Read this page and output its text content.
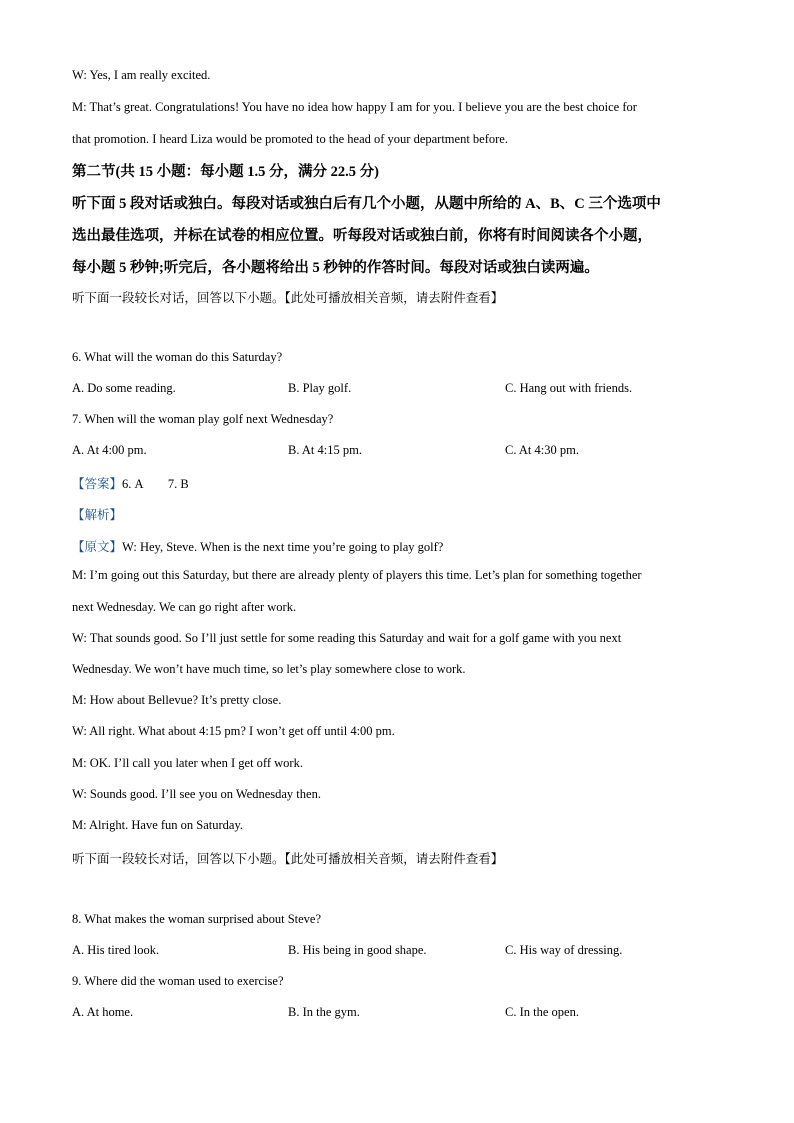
W: Yes, I am really excited.
M: That’s great. Congratulations! You have no idea how happy I am for you. I believe you are the best choice for
that promotion. I heard Liza would be promoted to the head of your department before.
第二节(共 15 小题：每小题 1.5 分，满分 22.5 分)
听下面 5 段对话或独白。每段对话或独白后有几个小题，从题中所给的 A、B、C 三个选项中
选出最佳选项，并标在试卷的相应位置。听每段对话或独白前，你将有时间阅读各个小题，
每小题 5 秒钟;听完后，各小题将给出 5 秒钟的作答时间。每段对话或独白读两遍。
听下面一段较长对话，回答以下小题。【此处可播放相关音频，请去附件查看】
6. What will the woman do this Saturday?
A. Do some reading.	B. Play golf.	C. Hang out with friends.
7. When will the woman play golf next Wednesday?
A. At 4:00 pm.	B. At 4:15 pm.	C. At 4:30 pm.
【答案】6. A        7. B
【解析】
【原文】W: Hey, Steve. When is the next time you’re going to play golf?
M: I’m going out this Saturday, but there are already plenty of players this time. Let’s plan for something together
next Wednesday. We can go right after work.
W: That sounds good. So I’ll just settle for some reading this Saturday and wait for a golf game with you next
Wednesday. We won’t have much time, so let’s play somewhere close to work.
M: How about Bellevue? It’s pretty close.
W: All right. What about 4:15 pm? I won’t get off until 4:00 pm.
M: OK. I’ll call you later when I get off work.
W: Sounds good. I’ll see you on Wednesday then.
M: Alright. Have fun on Saturday.
听下面一段较长对话，回答以下小题。【此处可播放相关音频，请去附件查看】
8. What makes the woman surprised about Steve?
A. His tired look.	B. His being in good shape.	C. His way of dressing.
9. Where did the woman used to exercise?
A. At home.	B. In the gym.	C. In the open.
